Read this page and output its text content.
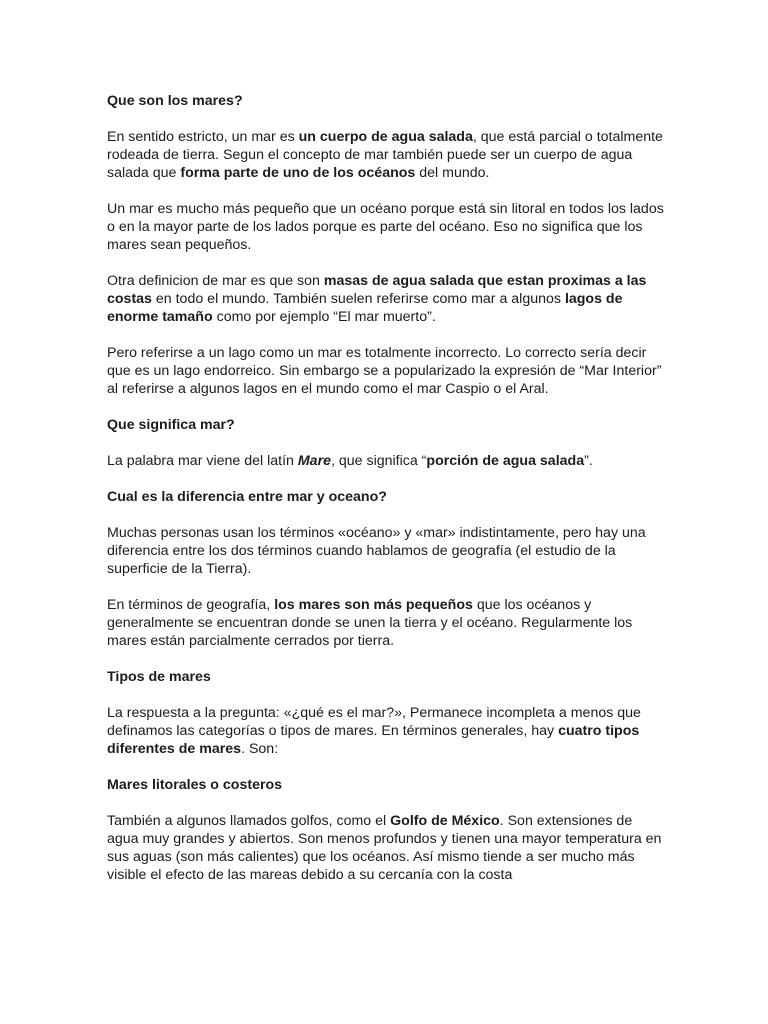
Que son los mares?

En sentido estricto, un mar es un cuerpo de agua salada, que está parcial o totalmente rodeada de tierra. Segun el concepto de mar también puede ser un cuerpo de agua salada que forma parte de uno de los océanos del mundo.

Un mar es mucho más pequeño que un océano porque está sin litoral en todos los lados o en la mayor parte de los lados porque es parte del océano. Eso no significa que los mares sean pequeños.

Otra definicion de mar es que son masas de agua salada que estan proximas a las costas en todo el mundo. También suelen referirse como mar a algunos lagos de enorme tamaño como por ejemplo “El mar muerto”.

Pero referirse a un lago como un mar es totalmente incorrecto. Lo correcto sería decir que es un lago endorreico. Sin embargo se a popularizado la expresión de “Mar Interior” al referirse a algunos lagos en el mundo como el mar Caspio o el Aral.

Que significa mar?

La palabra mar viene del latín Mare, que significa “porción de agua salada”.

Cual es la diferencia entre mar y oceano?

Muchas personas usan los términos «océano» y «mar» indistintamente, pero hay una diferencia entre los dos términos cuando hablamos de geografía (el estudio de la superficie de la Tierra).

En términos de geografía, los mares son más pequeños que los océanos y generalmente se encuentran donde se unen la tierra y el océano. Regularmente los mares están parcialmente cerrados por tierra.

Tipos de mares

La respuesta a la pregunta: «¿qué es el mar?», Permanece incompleta a menos que definamos las categorías o tipos de mares. En términos generales, hay cuatro tipos diferentes de mares. Son:

Mares litorales o costeros

También a algunos llamados golfos, como el Golfo de México. Son extensiones de agua muy grandes y abiertos. Son menos profundos y tienen una mayor temperatura en sus aguas (son más calientes) que los océanos. Así mismo tiende a ser mucho más visible el efecto de las mareas debido a su cercanía con la costa
